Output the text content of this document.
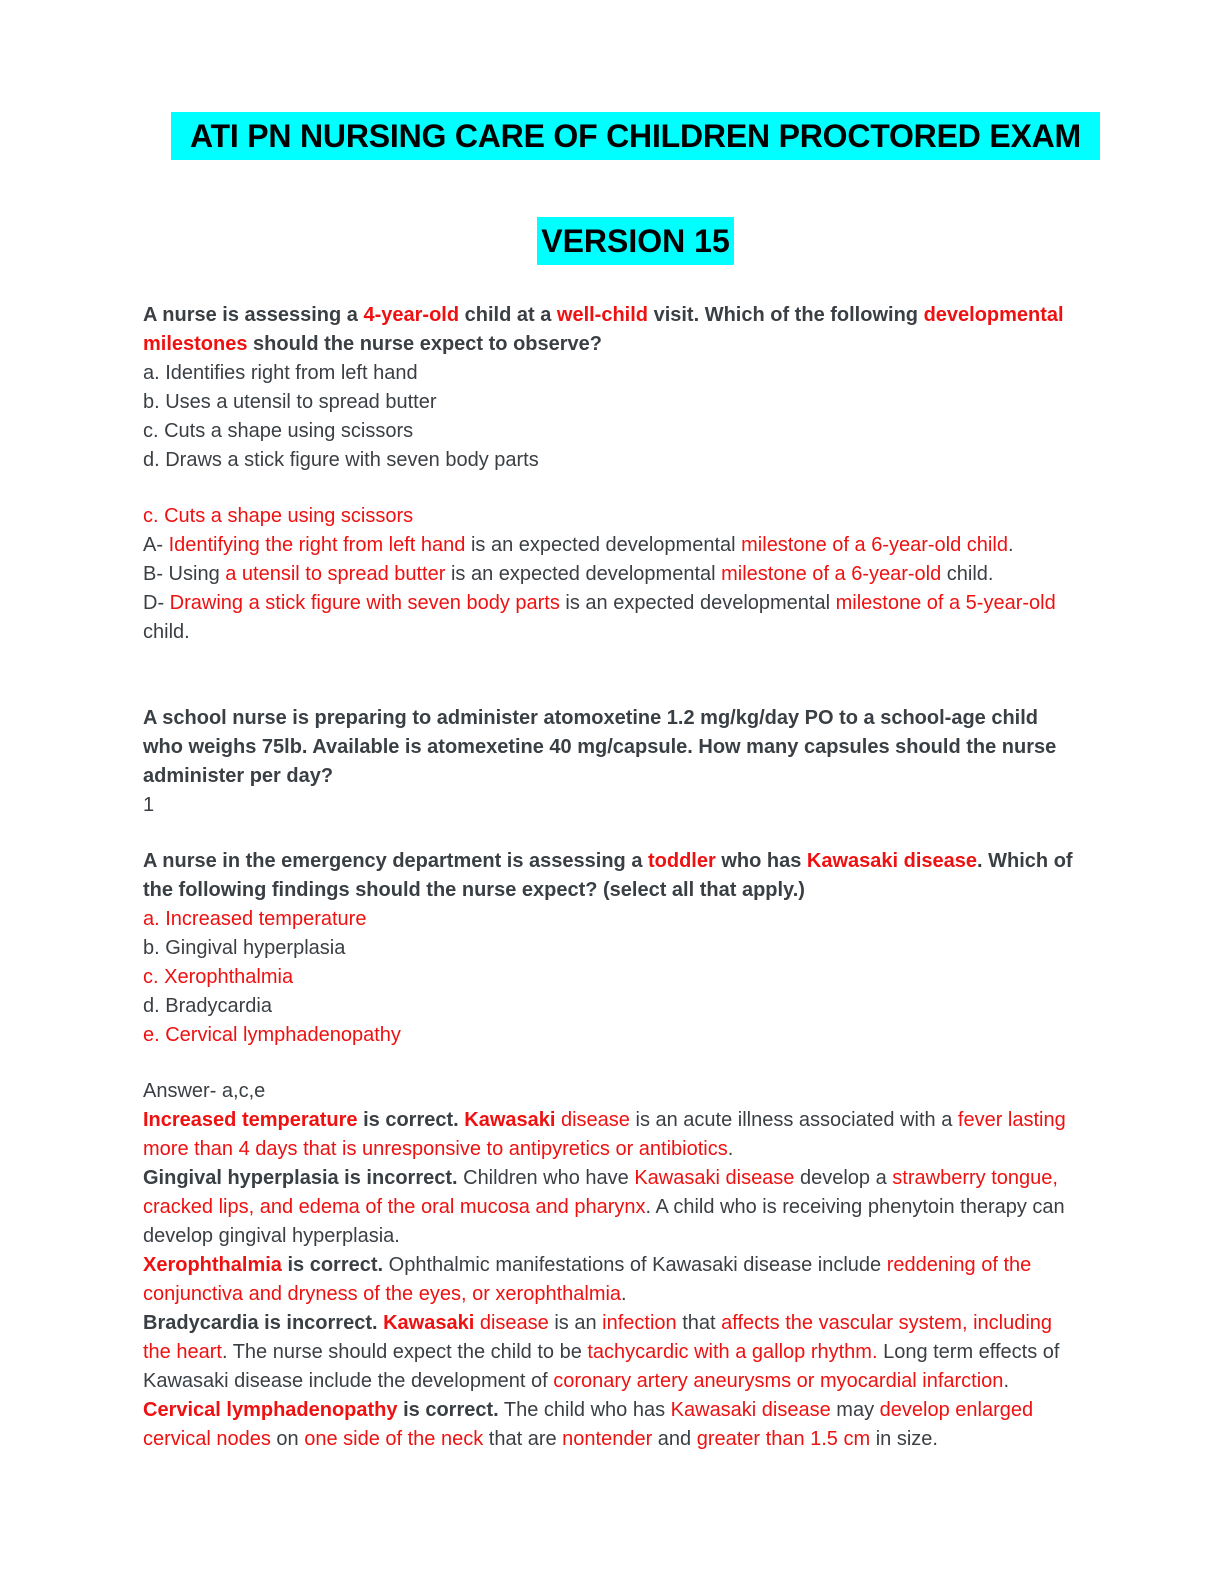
ATI PN NURSING CARE OF CHILDREN PROCTORED EXAM
VERSION 15

A nurse is assessing a 4-year-old child at a well-child visit. Which of the following developmental milestones should the nurse expect to observe?

a. Identifies right from left hand

b. Uses a utensil to spread butter

c. Cuts a shape using scissors

d. Draws a stick figure with seven body parts

c. Cuts a shape using scissors

A- Identifying the right from left hand is an expected developmental milestone of a 6-year-old child.

B- Using a utensil to spread butter is an expected developmental milestone of a 6-year-old child.

D- Drawing a stick figure with seven body parts is an expected developmental milestone of a 5-year-old child.

A school nurse is preparing to administer atomoxetine 1.2 mg/kg/day PO to a school-age child who weighs 75lb. Available is atomexetine 40 mg/capsule. How many capsules should the nurse administer per day?

1

A nurse in the emergency department is assessing a toddler who has Kawasaki disease. Which of the following findings should the nurse expect? (select all that apply.)

a. Increased temperature

b. Gingival hyperplasia

c. Xerophthalmia

d. Bradycardia

e. Cervical lymphadenopathy

Answer- a,c,e

Increased temperature is correct. Kawasaki disease is an acute illness associated with a fever lasting more than 4 days that is unresponsive to antipyretics or antibiotics.

Gingival hyperplasia is incorrect. Children who have Kawasaki disease develop a strawberry tongue, cracked lips, and edema of the oral mucosa and pharynx. A child who is receiving phenytoin therapy can develop gingival hyperplasia.

Xerophthalmia is correct. Ophthalmic manifestations of Kawasaki disease include reddening of the conjunctiva and dryness of the eyes, or xerophthalmia.

Bradycardia is incorrect. Kawasaki disease is an infection that affects the vascular system, including the heart. The nurse should expect the child to be tachycardic with a gallop rhythm. Long term effects of Kawasaki disease include the development of coronary artery aneurysms or myocardial infarction.

Cervical lymphadenopathy is correct. The child who has Kawasaki disease may develop enlarged cervical nodes on one side of the neck that are nontender and greater than 1.5 cm in size.
